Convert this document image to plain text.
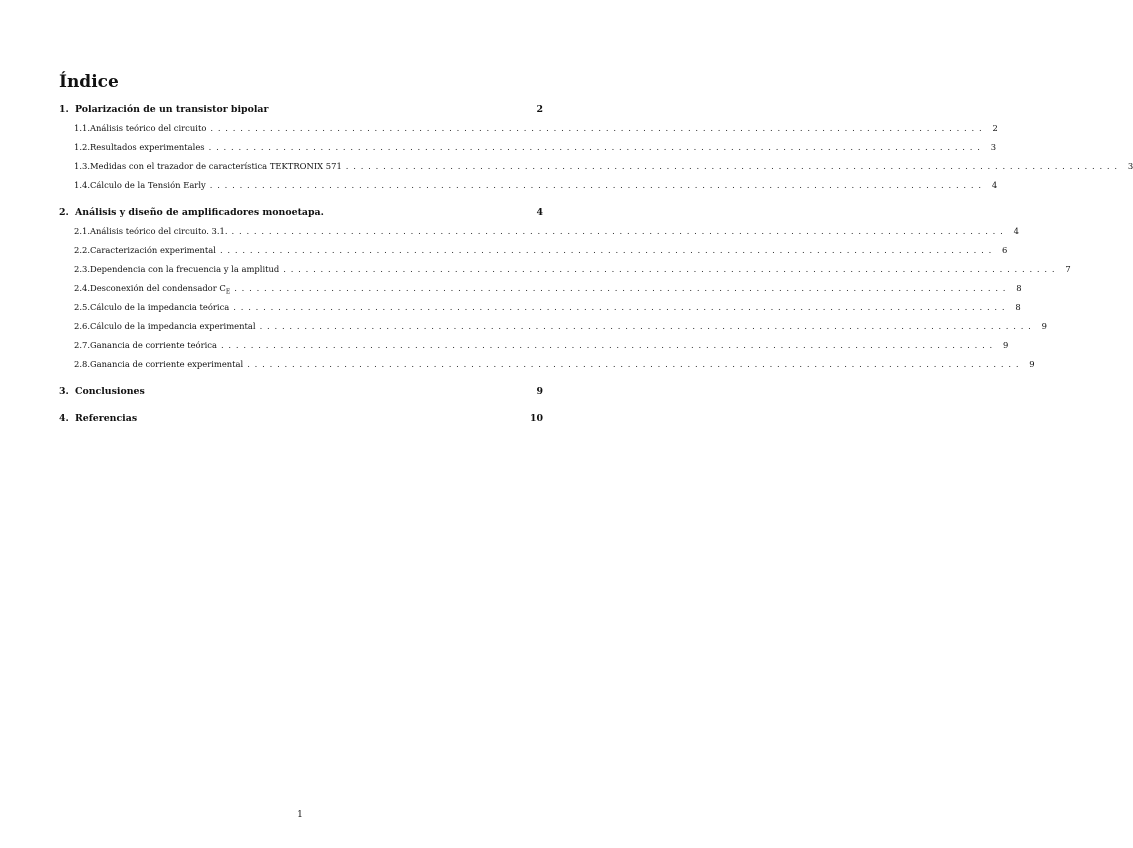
Índice
1. Polarización de un transistor bipolar	2
1.1. Análisis teórico del circuito ........................................................................................................ 2
1.2. Resultados experimentales ........................................................................................................ 3
1.3. Medidas con el trazador de característica TEKTRONIX 571 ........................................................................................................ 3
1.4. Cálculo de la Tensión Early ........................................................................................................ 4
2. Análisis y diseño de amplificadores monoetapa.	4
2.1. Análisis teórico del circuito. 3.1. ........................................................................................................ 4
2.2. Caracterización experimental ........................................................................................................ 6
2.3. Dependencia con la frecuencia y la amplitud ........................................................................................................ 7
2.4. Desconexión del condensador $C_E$ ........................................................................................................ 8
2.5. Cálculo de la impedancia teórica ........................................................................................................ 8
2.6. Cálculo de la impedancia experimental ........................................................................................................ 9
2.7. Ganancia de corriente teórica ........................................................................................................ 9
2.8. Ganancia de corriente experimental ........................................................................................................ 9
3. Conclusiones	9
4. Referencias	10
1
